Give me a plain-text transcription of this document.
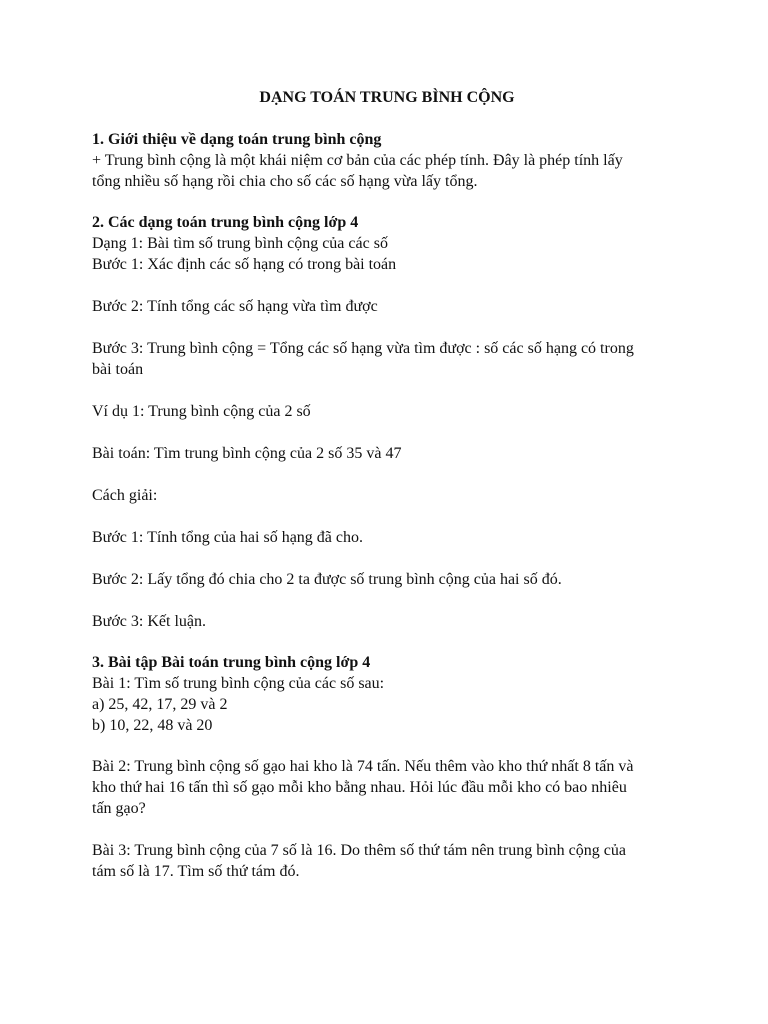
DẠNG TOÁN TRUNG BÌNH CỘNG
1. Giới thiệu về dạng toán trung bình cộng
+ Trung bình cộng là một khái niệm cơ bản của các phép tính. Đây là phép tính lấy
tổng nhiều số hạng rồi chia cho số các số hạng vừa lấy tổng.
2. Các dạng toán trung bình cộng lớp 4
Dạng 1: Bài tìm số trung bình cộng của các số
Bước 1: Xác định các số hạng có trong bài toán
Bước 2: Tính tổng các số hạng vừa tìm được
Bước 3: Trung bình cộng = Tổng các số hạng vừa tìm được : số các số hạng có trong
bài toán
Ví dụ 1: Trung bình cộng của 2 số
Bài toán: Tìm trung bình cộng của 2 số 35 và 47
Cách giải:
Bước 1: Tính tổng của hai số hạng đã cho.
Bước 2: Lấy tổng đó chia cho 2 ta được số trung bình cộng của hai số đó.
Bước 3: Kết luận.
3. Bài tập Bài toán trung bình cộng lớp 4
Bài 1: Tìm số trung bình cộng của các số sau:
a) 25, 42, 17, 29 và 2
b) 10, 22, 48 và 20
Bài 2: Trung bình cộng số gạo hai kho là 74 tấn. Nếu thêm vào kho thứ nhất 8 tấn và
kho thứ hai 16 tấn thì số gạo mỗi kho bằng nhau. Hỏi lúc đầu mỗi kho có bao nhiêu
tấn gạo?
Bài 3: Trung bình cộng của 7 số là 16. Do thêm số thứ tám nên trung bình cộng của
tám số là 17. Tìm số thứ tám đó.
